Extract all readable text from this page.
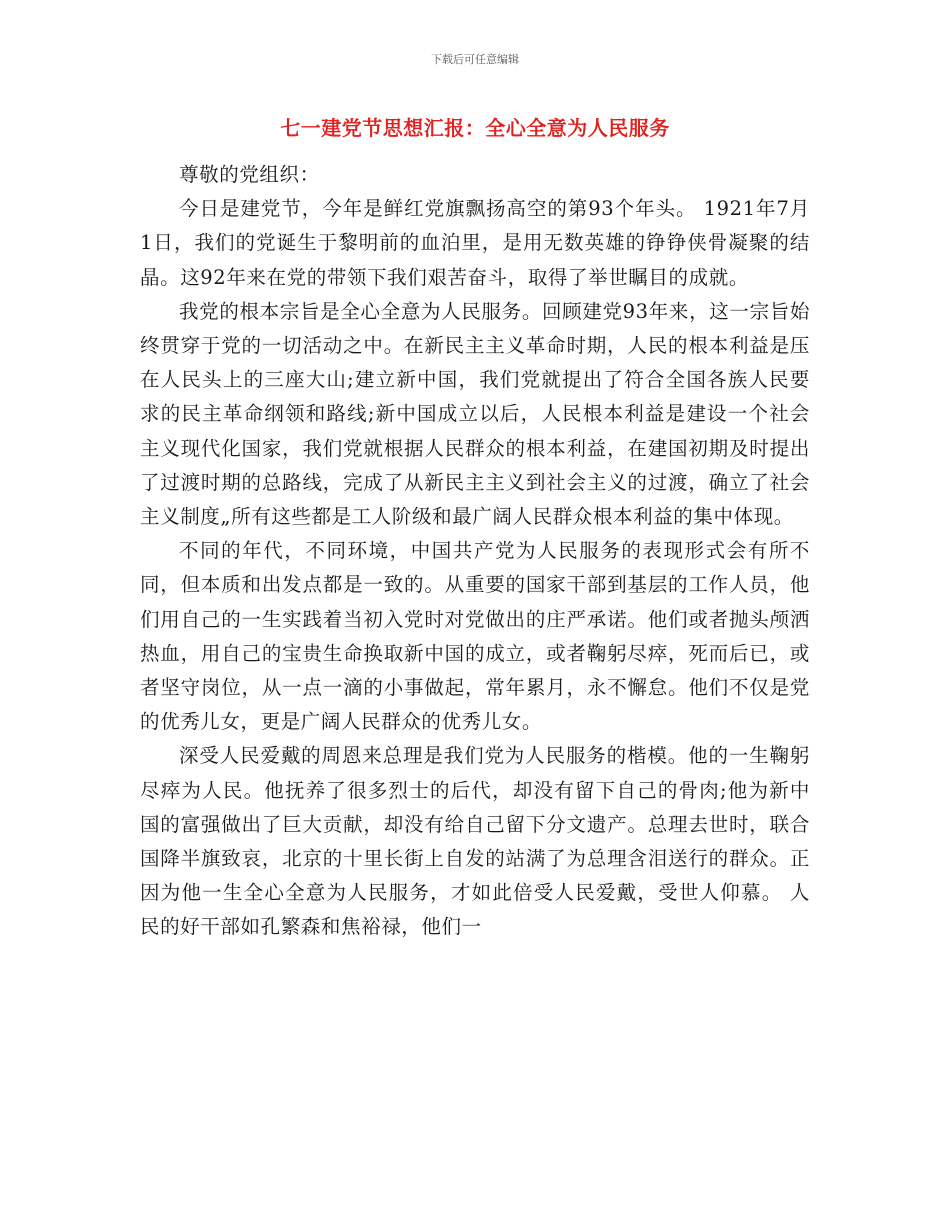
下载后可任意编辑
七一建党节思想汇报：全心全意为人民服务

尊敬的党组织：

今日是建党节，今年是鲜红党旗飘扬高空的第93个年头。 1921年7月1日，我们的党诞生于黎明前的血泊里，是用无数英雄的铮铮侠骨凝聚的结晶。这92年来在党的带领下我们艰苦奋斗，取得了举世瞩目的成就。

我党的根本宗旨是全心全意为人民服务。回顾建党93年来，这一宗旨始终贯穿于党的一切活动之中。在新民主主义革命时期，人民的根本利益是压在人民头上的三座大山;建立新中国，我们党就提出了符合全国各族人民要求的民主革命纲领和路线;新中国成立以后，人民根本利益是建设一个社会主义现代化国家，我们党就根据人民群众的根本利益，在建国初期及时提出了过渡时期的总路线，完成了从新民主主义到社会主义的过渡，确立了社会主义制度„所有这些都是工人阶级和最广阔人民群众根本利益的集中体现。

不同的年代，不同环境，中国共产党为人民服务的表现形式会有所不同，但本质和出发点都是一致的。从重要的国家干部到基层的工作人员，他们用自己的一生实践着当初入党时对党做出的庄严承诺。他们或者抛头颅洒热血，用自己的宝贵生命换取新中国的成立，或者鞠躬尽瘁，死而后已，或者坚守岗位，从一点一滴的小事做起，常年累月，永不懈怠。他们不仅是党的优秀儿女，更是广阔人民群众的优秀儿女。

深受人民爱戴的周恩来总理是我们党为人民服务的楷模。他的一生鞠躬尽瘁为人民。他抚养了很多烈士的后代，却没有留下自己的骨肉;他为新中国的富强做出了巨大贡献，却没有给自己留下分文遗产。总理去世时，联合国降半旗致哀，北京的十里长街上自发的站满了为总理含泪送行的群众。正因为他一生全心全意为人民服务，才如此倍受人民爱戴，受世人仰慕。 人民的好干部如孔繁森和焦裕禄，他们一
